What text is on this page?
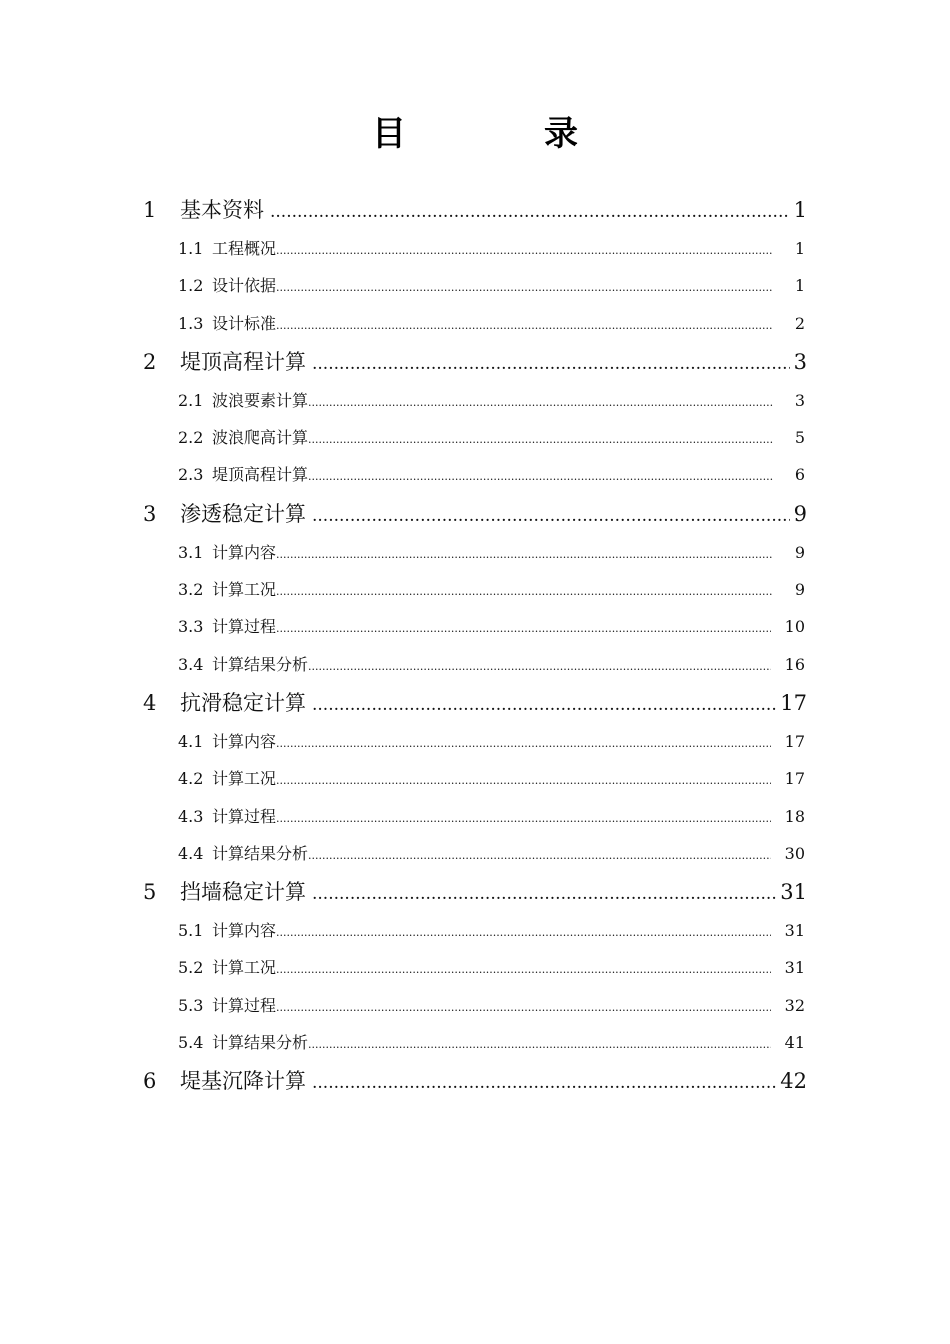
目　录
1	基本资料 .....	1
1.1 工程概况 .....	1
1.2 设计依据 .....	1
1.3 设计标准 .....	2
2	堤顶高程计算 .....	3
2.1 波浪要素计算 .....	3
2.2 波浪爬高计算 .....	5
2.3 堤顶高程计算 .....	6
3	渗透稳定计算 .....	9
3.1 计算内容 .....	9
3.2 计算工况 .....	9
3.3 计算过程 .....	10
3.4 计算结果分析 .....	16
4	抗滑稳定计算 .....	17
4.1 计算内容 .....	17
4.2 计算工况 .....	17
4.3 计算过程 .....	18
4.4 计算结果分析 .....	30
5	挡墙稳定计算 .....	31
5.1 计算内容 .....	31
5.2 计算工况 .....	31
5.3 计算过程 .....	32
5.4 计算结果分析 .....	41
6	堤基沉降计算 .....	42
